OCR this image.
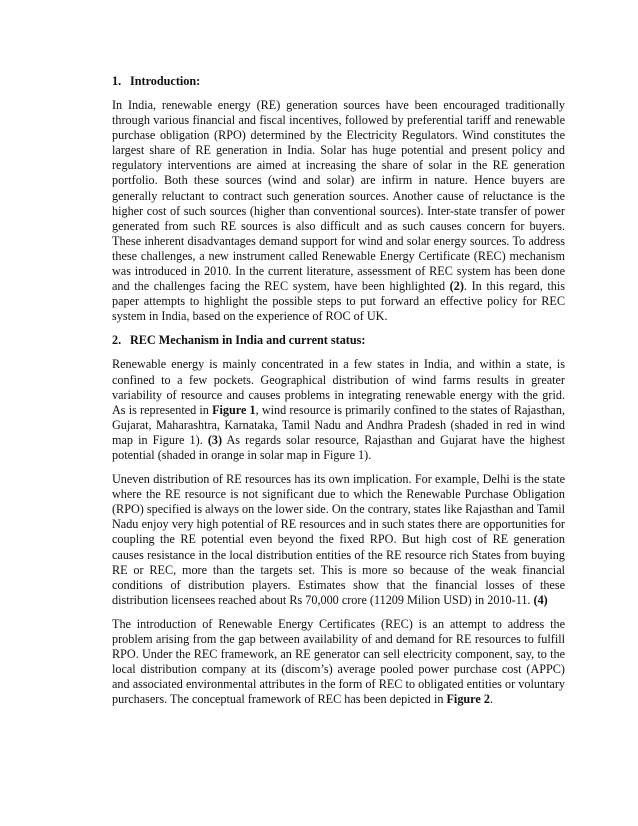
1. Introduction:

In India, renewable energy (RE) generation sources have been encouraged traditionally through various financial and fiscal incentives, followed by preferential tariff and renewable purchase obligation (RPO) determined by the Electricity Regulators. Wind constitutes the largest share of RE generation in India. Solar has huge potential and present policy and regulatory interventions are aimed at increasing the share of solar in the RE generation portfolio. Both these sources (wind and solar) are infirm in nature. Hence buyers are generally reluctant to contract such generation sources. Another cause of reluctance is the higher cost of such sources (higher than conventional sources). Inter-state transfer of power generated from such RE sources is also difficult and as such causes concern for buyers. These inherent disadvantages demand support for wind and solar energy sources. To address these challenges, a new instrument called Renewable Energy Certificate (REC) mechanism was introduced in 2010. In the current literature, assessment of REC system has been done and the challenges facing the REC system, have been highlighted (2). In this regard, this paper attempts to highlight the possible steps to put forward an effective policy for REC system in India, based on the experience of ROC of UK.

2. REC Mechanism in India and current status:

Renewable energy is mainly concentrated in a few states in India, and within a state, is confined to a few pockets. Geographical distribution of wind farms results in greater variability of resource and causes problems in integrating renewable energy with the grid. As is represented in Figure 1, wind resource is primarily confined to the states of Rajasthan, Gujarat, Maharashtra, Karnataka, Tamil Nadu and Andhra Pradesh (shaded in red in wind map in Figure 1). (3) As regards solar resource, Rajasthan and Gujarat have the highest potential (shaded in orange in solar map in Figure 1).

Uneven distribution of RE resources has its own implication. For example, Delhi is the state where the RE resource is not significant due to which the Renewable Purchase Obligation (RPO) specified is always on the lower side. On the contrary, states like Rajasthan and Tamil Nadu enjoy very high potential of RE resources and in such states there are opportunities for coupling the RE potential even beyond the fixed RPO. But high cost of RE generation causes resistance in the local distribution entities of the RE resource rich States from buying RE or REC, more than the targets set. This is more so because of the weak financial conditions of distribution players. Estimates show that the financial losses of these distribution licensees reached about Rs 70,000 crore (11209 Milion USD) in 2010-11. (4)

The introduction of Renewable Energy Certificates (REC) is an attempt to address the problem arising from the gap between availability of and demand for RE resources to fulfill RPO. Under the REC framework, an RE generator can sell electricity component, say, to the local distribution company at its (discom’s) average pooled power purchase cost (APPC) and associated environmental attributes in the form of REC to obligated entities or voluntary purchasers. The conceptual framework of REC has been depicted in Figure 2.
